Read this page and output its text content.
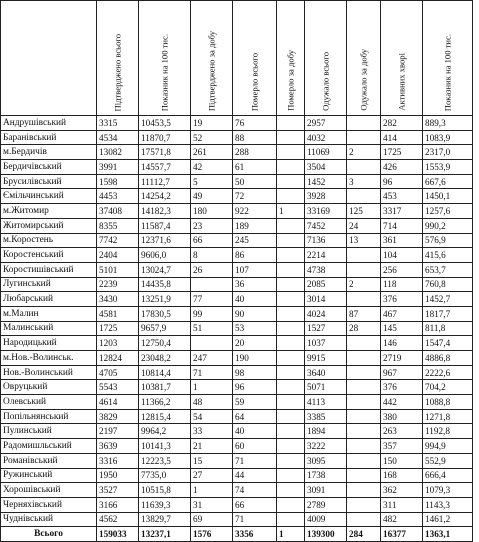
	Підтверджено всього	Показник на 100 тис.	Підтверджено за добу	Померло всього	Померло за добу	Одужало всього	Одужало за добу	Активних хворі	Показник на 100 тис.

Андрушівський	3315	10453,5	19	76		2957		282	889,3
Баранівський	4534	11870,7	52	88		4032		414	1083,9
м.Бердичів	13082	17571,8	261	288		11069	2	1725	2317,0
Бердичівський	3991	14557,7	42	61		3504		426	1553,9
Брусилівський	1598	11112,7	5	50		1452	3	96	667,6
Ємільчинський	4453	14254,2	49	72		3928		453	1450,1
м.Житомир	37408	14182,3	180	922	1	33169	125	3317	1257,6
Житомирський	8355	11587,4	23	189		7452	24	714	990,2
м.Коростень	7742	12371,6	66	245		7136	13	361	576,9
Коростенський	2404	9606,0	8	86		2214		104	415,6
Коростишівський	5101	13024,7	26	107		4738		256	653,7
Лугинський	2239	14435,8		36		2085	2	118	760,8
Любарський	3430	13251,9	77	40		3014		376	1452,7
м.Малин	4581	17830,5	99	90		4024	87	467	1817,7
Малинський	1725	9657,9	51	53		1527	28	145	811,8
Народицький	1203	12750,4		20		1037		146	1547,4
м.Нов.-Волинськ.	12824	23048,2	247	190		9915		2719	4886,8
Нов.-Волинський	4705	10814,4	71	98		3640		967	2222,6
Овруцький	5543	10381,7	1	96		5071		376	704,2
Олевський	4614	11366,2	48	59		4113		442	1088,8
Попільнянський	3829	12815,4	54	64		3385		380	1271,8
Пулинський	2197	9964,2	33	40		1894		263	1192,8
Радомишльський	3639	10141,3	21	60		3222		357	994,9
Романівський	3316	12223,5	15	71		3095		150	552,9
Ружинський	1950	7735,0	27	44		1738		168	666,4
Хорошівський	3527	10515,8	1	74		3091		362	1079,3
Черняхівський	3166	11639,3	31	66		2789		311	1143,3
Чуднівський	4562	13829,7	69	71		4009		482	1461,2
Всього	159033	13237,1	1576	3356	1	139300	284	16377	1363,1
